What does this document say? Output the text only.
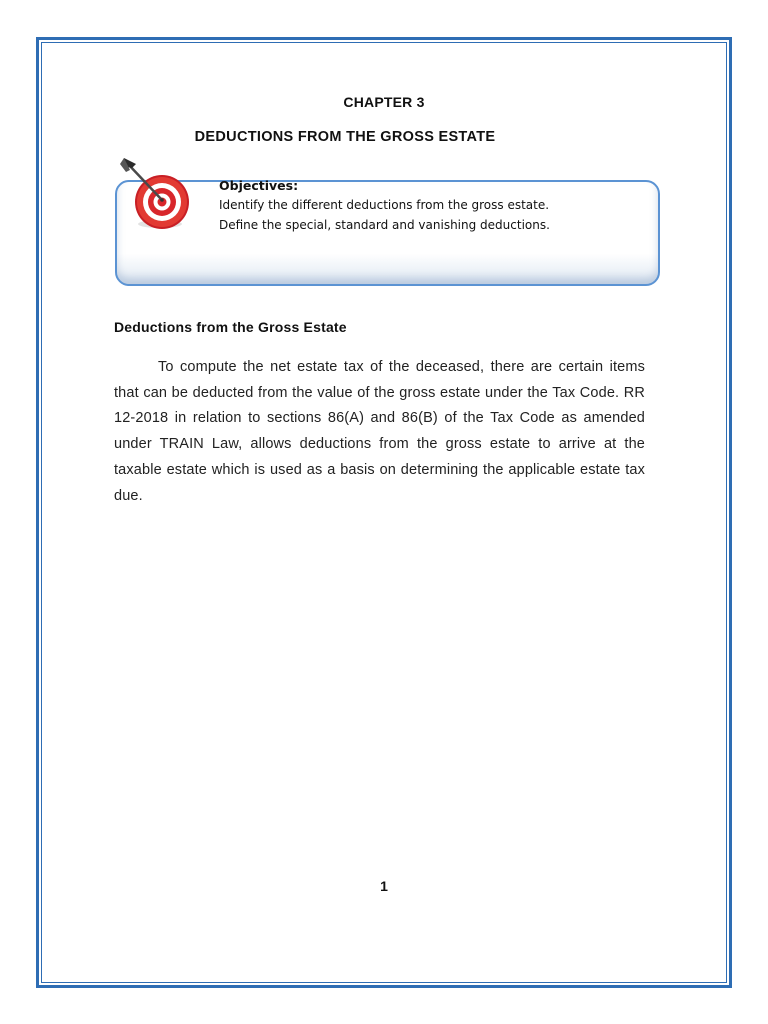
CHAPTER 3
DEDUCTIONS FROM THE GROSS ESTATE
Objectives:
Identify the different deductions from the gross estate.
Define the special, standard and vanishing deductions.
Deductions from the Gross Estate
To compute the net estate tax of the deceased, there are certain items that can be deducted from the value of the gross estate under the Tax Code. RR 12-2018 in relation to sections 86(A) and 86(B) of the Tax Code as amended under TRAIN Law, allows deductions from the gross estate to arrive at the taxable estate which is used as a basis on determining the applicable estate tax due.
1
